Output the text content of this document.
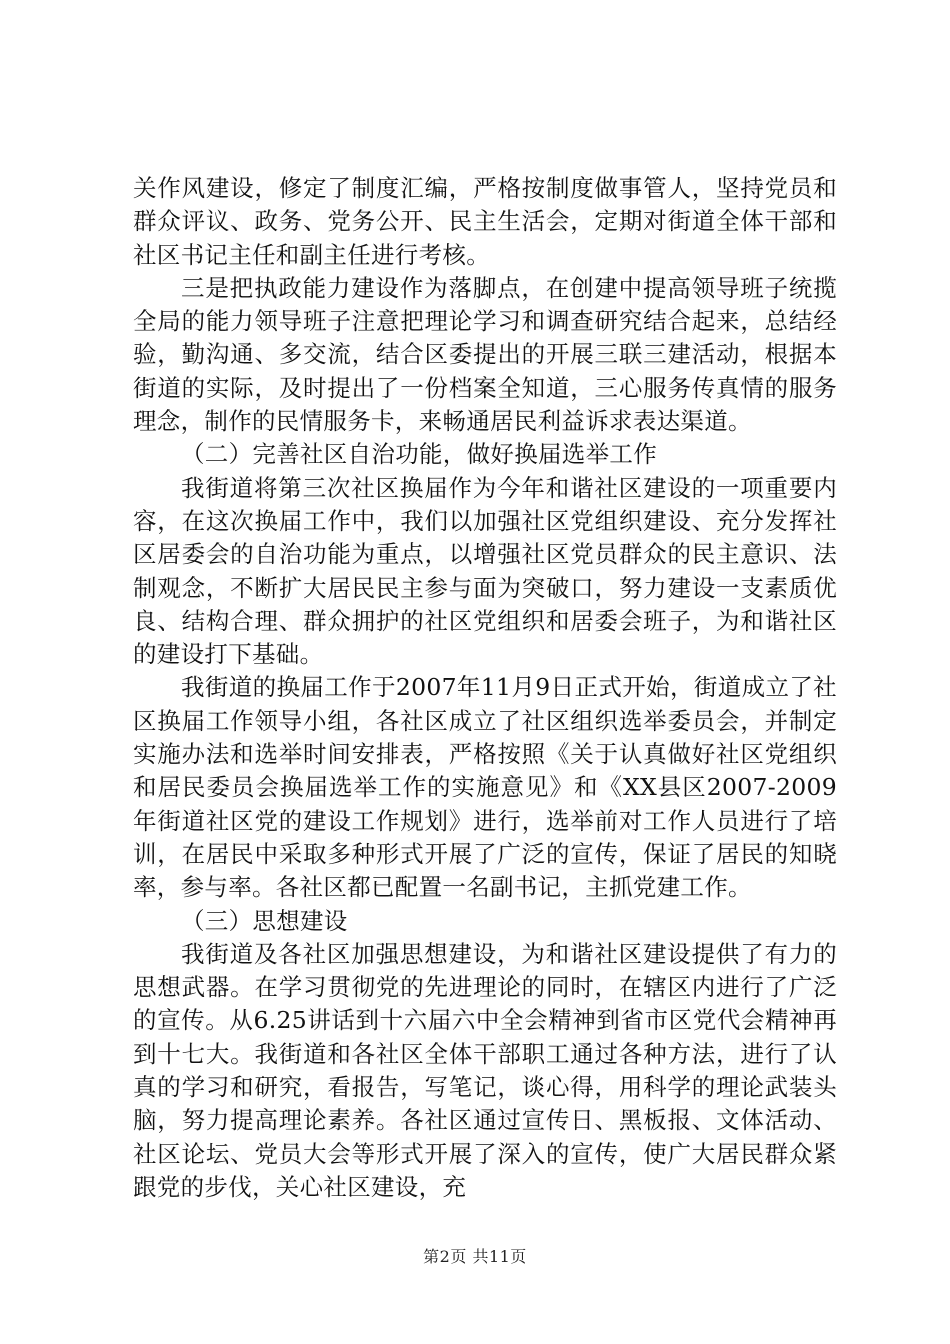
关作风建设，修定了制度汇编，严格按制度做事管人，坚持党员和群众评议、政务、党务公开、民主生活会，定期对街道全体干部和社区书记主任和副主任进行考核。

三是把执政能力建设作为落脚点，在创建中提高领导班子统揽全局的能力领导班子注意把理论学习和调查研究结合起来，总结经验，勤沟通、多交流，结合区委提出的开展三联三建活动，根据本街道的实际，及时提出了一份档案全知道，三心服务传真情的服务理念，制作的民情服务卡，来畅通居民利益诉求表达渠道。

（二）完善社区自治功能，做好换届选举工作

我街道将第三次社区换届作为今年和谐社区建设的一项重要内容，在这次换届工作中，我们以加强社区党组织建设、充分发挥社区居委会的自治功能为重点，以增强社区党员群众的民主意识、法制观念，不断扩大居民民主参与面为突破口，努力建设一支素质优良、结构合理、群众拥护的社区党组织和居委会班子，为和谐社区的建设打下基础。

我街道的换届工作于2007年11月9日正式开始，街道成立了社区换届工作领导小组，各社区成立了社区组织选举委员会，并制定实施办法和选举时间安排表，严格按照《关于认真做好社区党组织和居民委员会换届选举工作的实施意见》和《XX县区2007-2009年街道社区党的建设工作规划》进行，选举前对工作人员进行了培训，在居民中采取多种形式开展了广泛的宣传，保证了居民的知晓率，参与率。各社区都已配置一名副书记，主抓党建工作。

（三）思想建设

我街道及各社区加强思想建设，为和谐社区建设提供了有力的思想武器。在学习贯彻党的先进理论的同时，在辖区内进行了广泛的宣传。从6.25讲话到十六届六中全会精神到省市区党代会精神再到十七大。我街道和各社区全体干部职工通过各种方法，进行了认真的学习和研究，看报告，写笔记，谈心得，用科学的理论武装头脑，努力提高理论素养。各社区通过宣传日、黑板报、文体活动、社区论坛、党员大会等形式开展了深入的宣传，使广大居民群众紧跟党的步伐，关心社区建设，充

第2页 共11页
